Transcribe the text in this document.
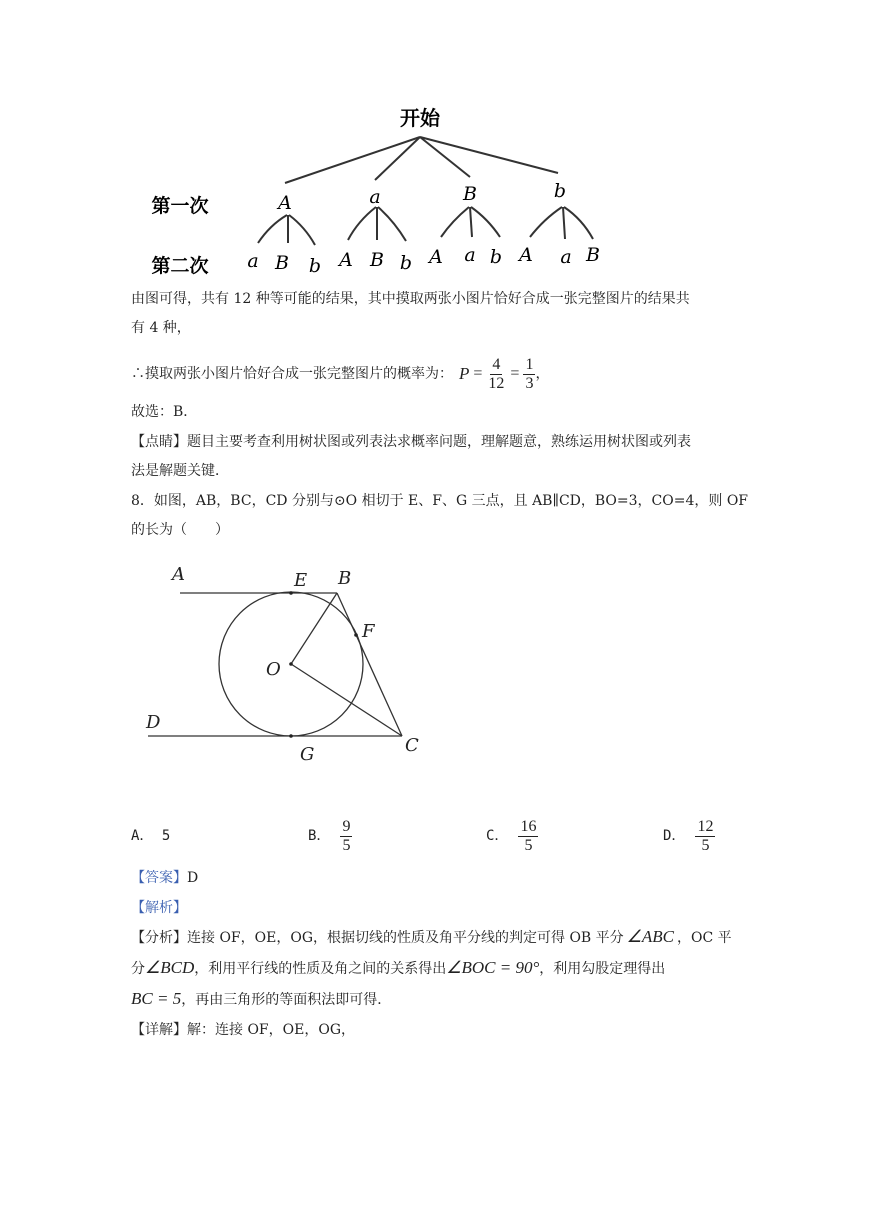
开始
第一次
第二次
A	a	B	b
a B b A B b A a b A a B
由图可得，共有 12 种等可能的结果，其中摸取两张小图片恰好合成一张完整图片的结果共
有 4 种，
∴摸取两张小图片恰好合成一张完整图片的概率为： $P = \frac{4}{12} = \frac{1}{3}$ ，
故选：B．
【点睛】题目主要考查利用树状图或列表法求概率问题，理解题意，熟练运用树状图或列表
法是解题关键．
8．如图，AB，BC，CD 分别与⊙O 相切于 E、F、G 三点，且 AB∥CD，BO=3，CO=4，则 OF
的长为（　　）
A	E B
F
O
D
G	C
A． 5	B． $\frac{9}{5}$	C． $\frac{16}{5}$	D． $\frac{12}{5}$
【答案】D
【解析】
【分析】连接 OF，OE，OG，根据切线的性质及角平分线的判定可得 OB 平分 ∠ABC ，OC 平
分∠BCD，利用平行线的性质及角之间的关系得出∠BOC = 90°，利用勾股定理得出
BC = 5，再由三角形的等面积法即可得．
【详解】解：连接 OF，OE，OG，
